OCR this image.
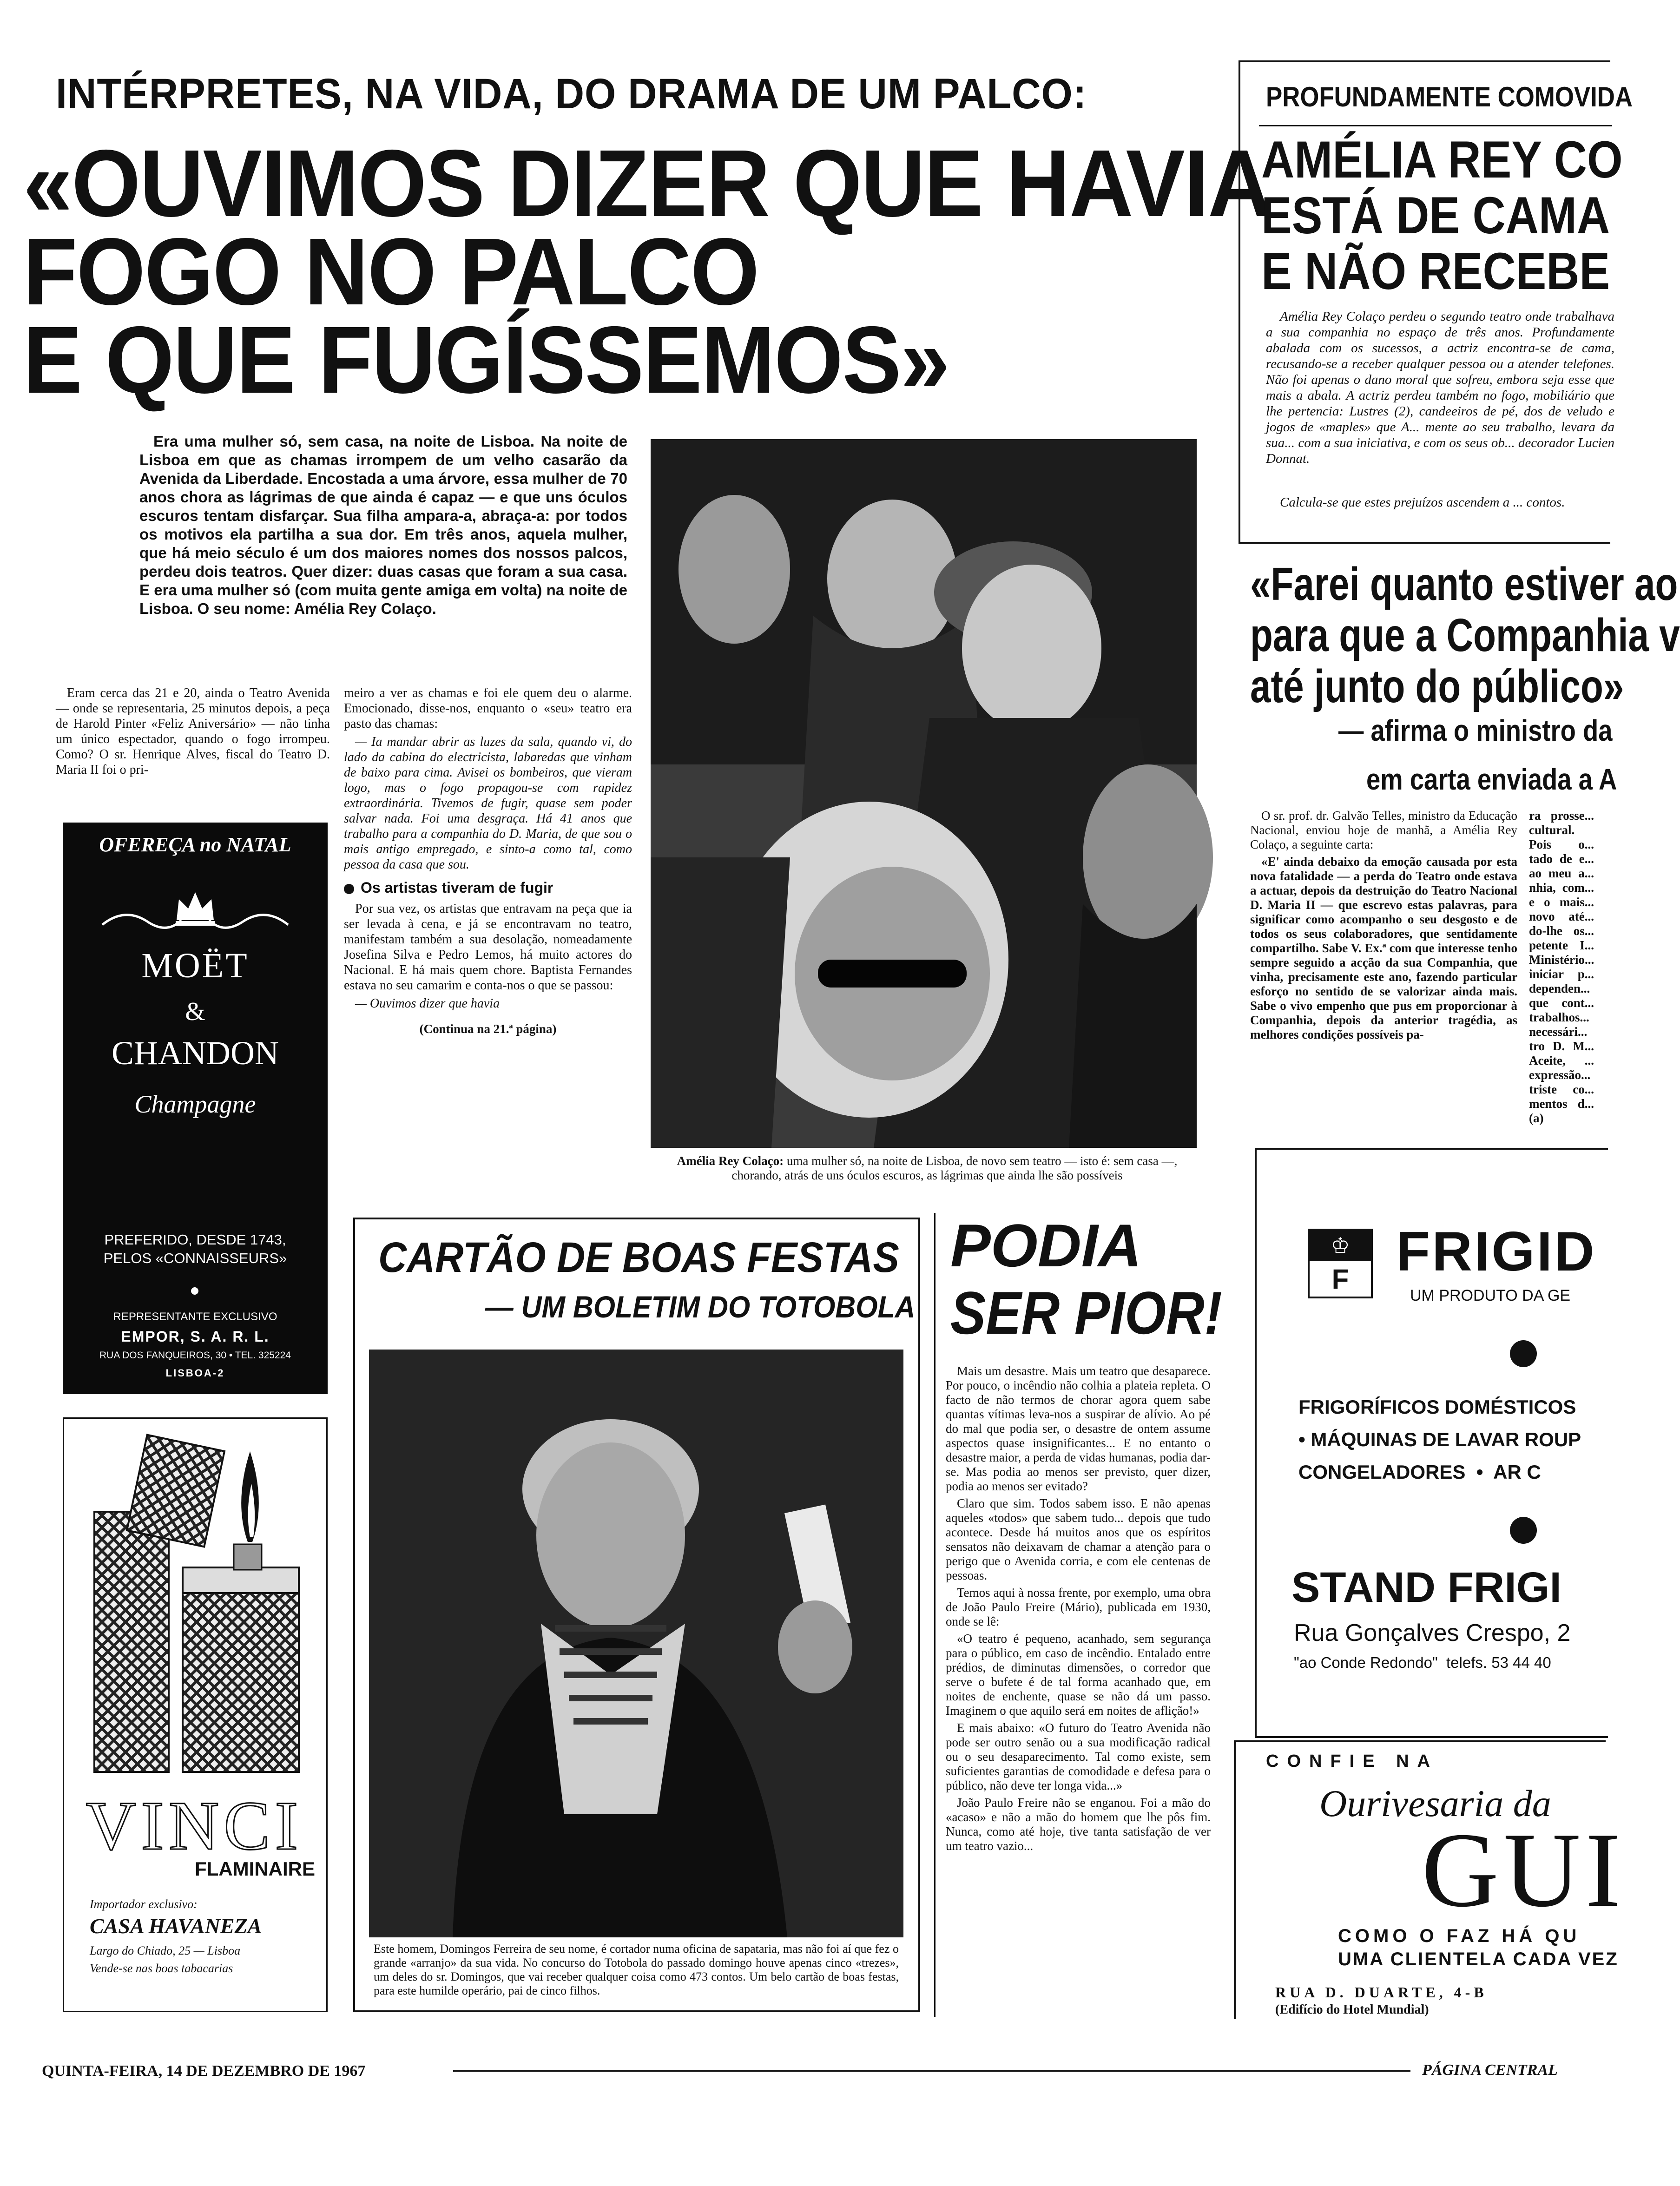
INTÉRPRETES, NA VIDA, DO DRAMA DE UM PALCO:
«OUVIMOS DIZER QUE HAVIA
FOGO NO PALCO
E QUE FUGÍSSEMOS»
Era uma mulher só, sem casa, na noite de Lisboa. Na noite de Lisboa em que as chamas irrompem de um velho casarão da Avenida da Liberdade. Encostada a uma árvore, essa mulher de 70 anos chora as lágrimas de que ainda é capaz — e que uns óculos escuros tentam disfarçar. Sua filha ampara-a, abraça-a: por todos os motivos ela partilha a sua dor. Em três anos, aquela mulher, que há meio século é um dos maiores nomes dos nossos palcos, perdeu dois teatros. Quer dizer: duas casas que foram a sua casa. E era uma mulher só (com muita gente amiga em volta) na noite de Lisboa. O seu nome: Amélia Rey Colaço.

Eram cerca das 21 e 20, ainda o Teatro Avenida — onde se representaria, 25 minutos depois, a peça de Harold Pinter «Feliz Aniversário» — não tinha um único espectador, quando o fogo irrompeu. Como? O sr. Henrique Alves, fiscal do Teatro D. Maria II foi o pri-

meiro a ver as chamas e foi ele quem deu o alarme. Emocionado, disse-nos, enquanto o «seu» teatro era pasto das chamas:

— Ia mandar abrir as luzes da sala, quando vi, do lado da cabina do electricista, labaredas que vinham de baixo para cima. Avisei os bombeiros, que vieram logo, mas o fogo propagou-se com rapidez extraordinária. Tivemos de fugir, quase sem poder salvar nada. Foi uma desgraça. Há 41 anos que trabalho para a companhia do D. Maria, de que sou o mais antigo empregado, e sinto-a como tal, como pessoa da casa que sou.

Os artistas tiveram de fugir

Por sua vez, os artistas que entravam na peça que ia ser levada à cena, e já se encontravam no teatro, manifestam também a sua desolação, nomeadamente Josefina Silva e Pedro Lemos, há muito actores do Nacional. E há mais quem chore. Baptista Fernandes estava no seu camarim e conta-nos o que se passou:

— Ouvimos dizer que havia

(Continua na 21.ª página)
Amélia Rey Colaço: uma mulher só, na noite de Lisboa, de novo sem teatro — isto é: sem casa —, chorando, atrás de uns óculos escuros, as lágrimas que ainda lhe são possíveis
OFEREÇA no NATAL
MOËT
&
CHANDON
Champagne
PREFERIDO, DESDE 1743,
PELOS «CONNAISSEURS»
REPRESENTANTE EXCLUSIVO
EMPOR, S. A. R. L.
RUA DOS FANQUEIROS, 30 • TEL. 325224
LISBOA-2
VINCI
FLAMINAIRE
Importador exclusivo:
CASA HAVANEZA
Largo do Chiado, 25 — Lisboa
Vende-se nas boas tabacarias
CARTÃO DE BOAS FESTAS
— UM BOLETIM DO TOTOBOLA
Este homem, Domingos Ferreira de seu nome, é cortador numa oficina de sapataria, mas não foi aí que fez o grande «arranjo» da sua vida. No concurso do Totobola do passado domingo houve apenas cinco «trezes», um deles do sr. Domingos, que vai receber qualquer coisa como 473 contos. Um belo cartão de boas festas, para este humilde operário, pai de cinco filhos.
PODIA
SER PIOR!

Mais um desastre. Mais um teatro que desaparece. Por pouco, o incêndio não colhia a plateia repleta. O facto de não termos de chorar agora quem sabe quantas vítimas leva-nos a suspirar de alívio. Ao pé do mal que podia ser, o desastre de ontem assume aspectos quase insignificantes... E no entanto o desastre maior, a perda de vidas humanas, podia dar-se. Mas podia ao menos ser previsto, quer dizer, podia ao menos ser evitado?

Claro que sim. Todos sabem isso. E não apenas aqueles «todos» que sabem tudo... depois que tudo acontece. Desde há muitos anos que os espíritos sensatos não deixavam de chamar a atenção para o perigo que o Avenida corria, e com ele centenas de pessoas.

Temos aqui à nossa frente, por exemplo, uma obra de João Paulo Freire (Mário), publicada em 1930, onde se lê:

«O teatro é pequeno, acanhado, sem segurança para o público, em caso de incêndio. Entalado entre prédios, de diminutas dimensões, o corredor que serve o bufete é de tal forma acanhado que, em noites de enchente, quase se não dá um passo. Imaginem o que aquilo será em noites de aflição!»

E mais abaixo: «O futuro do Teatro Avenida não pode ser outro senão ou a sua modificação radical ou o seu desaparecimento. Tal como existe, sem suficientes garantias de comodidade e defesa para o público, não deve ter longa vida...»

João Paulo Freire não se enganou. Foi a mão do «acaso» e não a mão do homem que lhe pôs fim. Nunca, como até hoje, tive tanta satisfação de ver um teatro vazio...

PROFUNDAMENTE COMOVIDA
AMÉLIA REY CO
ESTÁ DE CAMA
E NÃO RECEBE
Amélia Rey Colaço perdeu o segundo teatro onde trabalhava a sua companhia no espaço de três anos. Profundamente abalada com os sucessos, a actriz encontra-se de cama, recusando-se a receber qualquer pessoa ou a atender telefones. Não foi apenas o dano moral que sofreu, embora seja esse que mais a abala. A actriz perdeu também no fogo, mobiliário que lhe pertencia: Lustres (2), candeeiros de pé, dos de veludo e jogos de «maples» que A... mente ao seu trabalho, levara da sua... com a sua iniciativa, e com os seus ob... decorador Lucien Donnat.
Calcula-se que estes prejuízos ascendem a ... contos.
«Farei quanto estiver ao
para que a Companhia v
até junto do público»
— afirma o ministro da
em carta enviada a A

O sr. prof. dr. Galvão Telles, ministro da Educação Nacional, enviou hoje de manhã, a Amélia Rey Colaço, a seguinte carta:

«E' ainda debaixo da emoção causada por esta nova fatalidade — a perda do Teatro onde estava a actuar, depois da destruição do Teatro Nacional D. Maria II — que escrevo estas palavras, para significar como acompanho o seu desgosto e de todos os seus colaboradores, que sentidamente compartilho. Sabe V. Ex.ª com que interesse tenho sempre seguido a acção da sua Companhia, que vinha, precisamente este ano, fazendo particular esforço no sentido de se valorizar ainda mais. Sabe o vivo empenho que pus em proporcionar à Companhia, depois da anterior tragédia, as melhores condições possíveis pa-

ra prosse... cultural. Pois o... tado de e... ao meu a... nhia, com... e o mais... novo até... do-lhe os... petente I... Ministério... iniciar p... dependen... que cont... trabalhos... necessári... tro D. M... Aceite, ... expressão... triste co... mentos d... (a)

♔
F FRIGID
UM PRODUTO DA GE
FRIGORÍFICOS DOMÉSTICOS
• MÁQUINAS DE LAVAR ROUP
CONGELADORES  •  AR C
STAND FRIGI
Rua Gonçalves Crespo, 2
"ao Conde Redondo"  telefs. 53 44 40
CONFIE NA
Ourivesaria da
GUI
COMO O FAZ HÁ QU
UMA CLIENTELA CADA VEZ
RUA D. DUARTE, 4-B
(Edifício do Hotel Mundial)
QUINTA-FEIRA, 14 DE DEZEMBRO DE 1967	PÁGINA CENTRAL
